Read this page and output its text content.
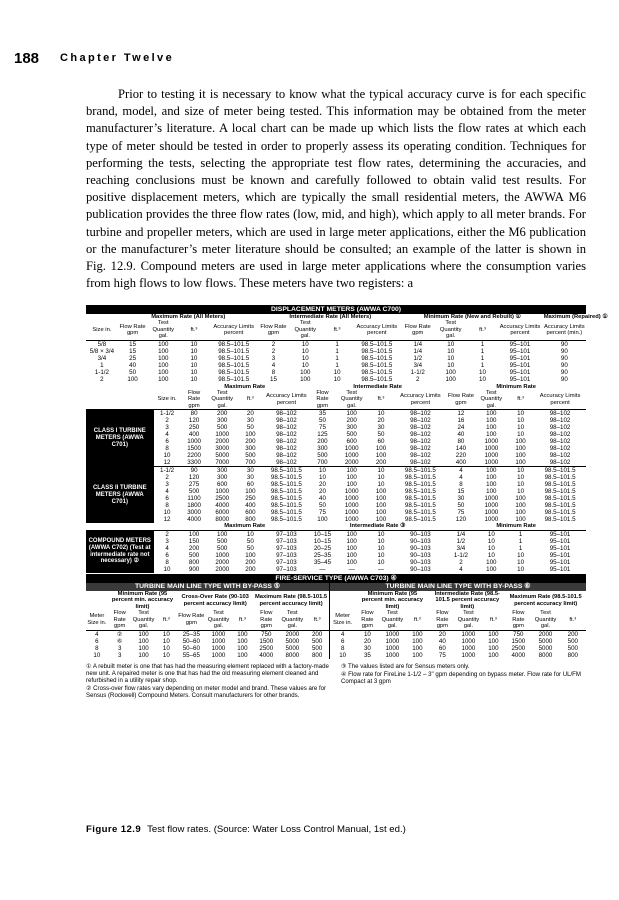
188 Chapter Twelve

Prior to testing it is necessary to know what the typical accuracy curve is for each specific brand, model, and size of meter being tested. This information may be obtained from the meter manufacturer’s literature. A local chart can be made up which lists the flow rates at which each type of meter should be tested in order to properly assess its operating condition. Techniques for performing the tests, selecting the appropriate test flow rates, determining the accuracies, and reaching conclusions must be known and carefully followed to obtain valid test results. For positive displacement meters, which are typically the small residential meters, the AWWA M6 publication provides the three flow rates (low, mid, and high), which apply to all meter brands. For turbine and propeller meters, which are used in large meter applications, either the M6 publication or the manufacturer’s meter literature should be consulted; an example of the latter is shown in Fig. 12.9. Compound meters are used in large meter applications where the consumption varies from high flows to low flows. These meters have two registers: a

DISPLACEMENT METERS (AWWA C700)
	Maximum Rate (All Meters)				Intermediate Rate (All Meters)				Minimum Rate (New and Rebuilt) ①				Maximum (Repaired) ①
Size in.	Flow Rate gpm	Test Quantity gal.	ft.³	Accuracy Limits percent	Flow Rate gpm	Test Quantity gal.	ft.³	Accuracy Limits percent	Flow Rate gpm	Test Quantity gal.	ft.³	Accuracy Limits percent	Accuracy Limits percent (min.)
5/8	15	100	10	98.5–101.5	2	10	1	98.5–101.5	1/4	10	1	95–101	90
5/8 × 3/4	15	100	10	98.5–101.5	2	10	1	98.5–101.5	1/4	10	1	95–101	90
3/4	25	100	10	98.5–101.5	3	10	1	98.5–101.5	1/2	10	1	95–101	90
1	40	100	10	98.5–101.5	4	10	1	98.5–101.5	3/4	10	1	95–101	90
1-1/2	50	100	10	98.5–101.5	8	100	10	98.5–101.5	1-1/2	100	10	95–101	90
2	100	100	10	98.5–101.5	15	100	10	98.5–101.5	2	100	10	95–101	90
		Maximum Rate				Intermediate Rate				Minimum Rate			
	Size in.	Flow Rate gpm	Test Quantity gal.	ft.³	Accuracy Limits percent	Flow Rate gpm	Test Quantity gal.	ft.³	Accuracy Limits percent	Flow Rate gpm	Test Quantity gal.	ft.³	Accuracy Limits percent
CLASS I TURBINE METERS (AWWA C701)	1-1/2	80	200	20	98–102	35	100	10	98–102	12	100	10	98–102
	2	120	300	30	98–102	50	200	20	98–102	16	100	10	98–102
	3	250	500	50	98–102	75	300	30	98–102	24	100	10	98–102
	4	400	1000	100	98–102	125	500	50	98–102	40	100	10	98–102
	6	1000	2000	200	98–102	200	600	60	98–102	80	1000	100	98–102
	8	1500	3000	300	98–102	300	1000	100	98–102	140	1000	100	98–102
	10	2200	5000	500	98–102	500	1000	100	98–102	220	1000	100	98–102
	12	3300	7000	700	98–102	700	2000	200	98–102	400	1000	100	98–102
CLASS II TURBINE METERS (AWWA C701)	1-1/2	90	300	30	98.5–101.5	10	100	10	98.5–101.5	4	100	10	98.5–101.5
	2	120	300	30	98.5–101.5	10	100	10	98.5–101.5	4	100	10	98.5–101.5
	3	275	600	60	98.5–101.5	20	100	10	98.5–101.5	8	100	10	98.5–101.5
	4	500	1000	100	98.5–101.5	20	1000	100	98.5–101.5	15	100	10	98.5–101.5
	6	1100	2500	250	98.5–101.5	40	1000	100	98.5–101.5	30	1000	100	98.5–101.5
	8	1800	4000	400	98.5–101.5	50	1000	100	98.5–101.5	50	1000	100	98.5–101.5
	10	3000	6000	600	98.5–101.5	75	1000	100	98.5–101.5	75	1000	100	98.5–101.5
	12	4000	8000	800	98.5–101.5	100	1000	100	98.5–101.5	120	1000	100	98.5–101.5
		Maximum Rate				Intermediate Rate ③				Minimum Rate			
COMPOUND METERS (AWWA C702) (Test at intermediate rate not necessary) ②	2	100	100	10	97–103	10–15	100	10	90–103	1/4	10	1	95–101
	3	150	500	50	97–103	10–15	100	10	90–103	1/2	10	1	95–101
	4	200	500	50	97–103	20–25	100	10	90–103	3/4	10	1	95–101
	6	500	1000	100	97–103	25–35	100	10	90–103	1-1/2	10	10	95–101
	8	800	2000	200	97–103	35–45	100	10	90–103	2	100	10	95–101
	10	900	2000	200	97–103	—	—	—	90–103	4	100	10	95–101
FIRE-SERVICE TYPE (AWWA C703) ④
TURBINE MAIN LINE TYPE WITH BY-PASS ⑤										TURBINE MAIN LINE TYPE WITH BY-PASS ⑥									
	Minimum Rate (95 percent min. accuracy limit)			Cross-Over Rate (90-103 percent accuracy limit)			Maximum Rate (98.5-101.5 percent accuracy limit)				Minimum Rate (95 percent min. accuracy limit)			Intermediate Rate (98.5-101.5 percent accuracy limit)			Maximum Rate (98.5-101.5 percent accuracy limit)		
Meter Size in.	Flow Rate gpm	Test Quantity gal.	ft.³	Flow Rate gpm	Test Quantity gal.	ft.³	Flow Rate gpm	Test Quantity gal.	ft.³	Meter Size in.	Flow Rate gpm	Test Quantity gal.	ft.³	Flow Rate gpm	Test Quantity gal.	ft.³	Flow Rate gpm	Test Quantity gal.	ft.³
4	②	100	10	25–35	1000	100	750	2000	200	4	10	1000	100	20	1000	100	750	2000	200
6	⑥	100	10	50–60	1000	100	1500	5000	500	6	20	1000	100	40	1000	100	1500	5000	500
8	3	100	10	50–60	1000	100	2500	5000	500	8	30	1000	100	60	1000	100	2500	5000	500
10	3	100	10	55–65	1000	100	4000	8000	800	10	35	1000	100	75	1000	100	4000	8000	800

① A rebuilt meter is one that has had the measuring element replaced with a factory-made new unit. A repaired meter is one that has had the old measuring element cleaned and refurbished in a utility repair shop.

② Cross-over flow rates vary depending on meter model and brand. These values are for Sensus (Rockwell) Compound Meters. Consult manufacturers for other brands.

③ The values listed are for Sensus meters only.

④ Flow rate for FireLine 1-1/2 – 3" gpm depending on bypass meter. Flow rate for UL/FM Compact at 3 gpm

Figure 12.9 Test flow rates. (Source: Water Loss Control Manual, 1st ed.)
